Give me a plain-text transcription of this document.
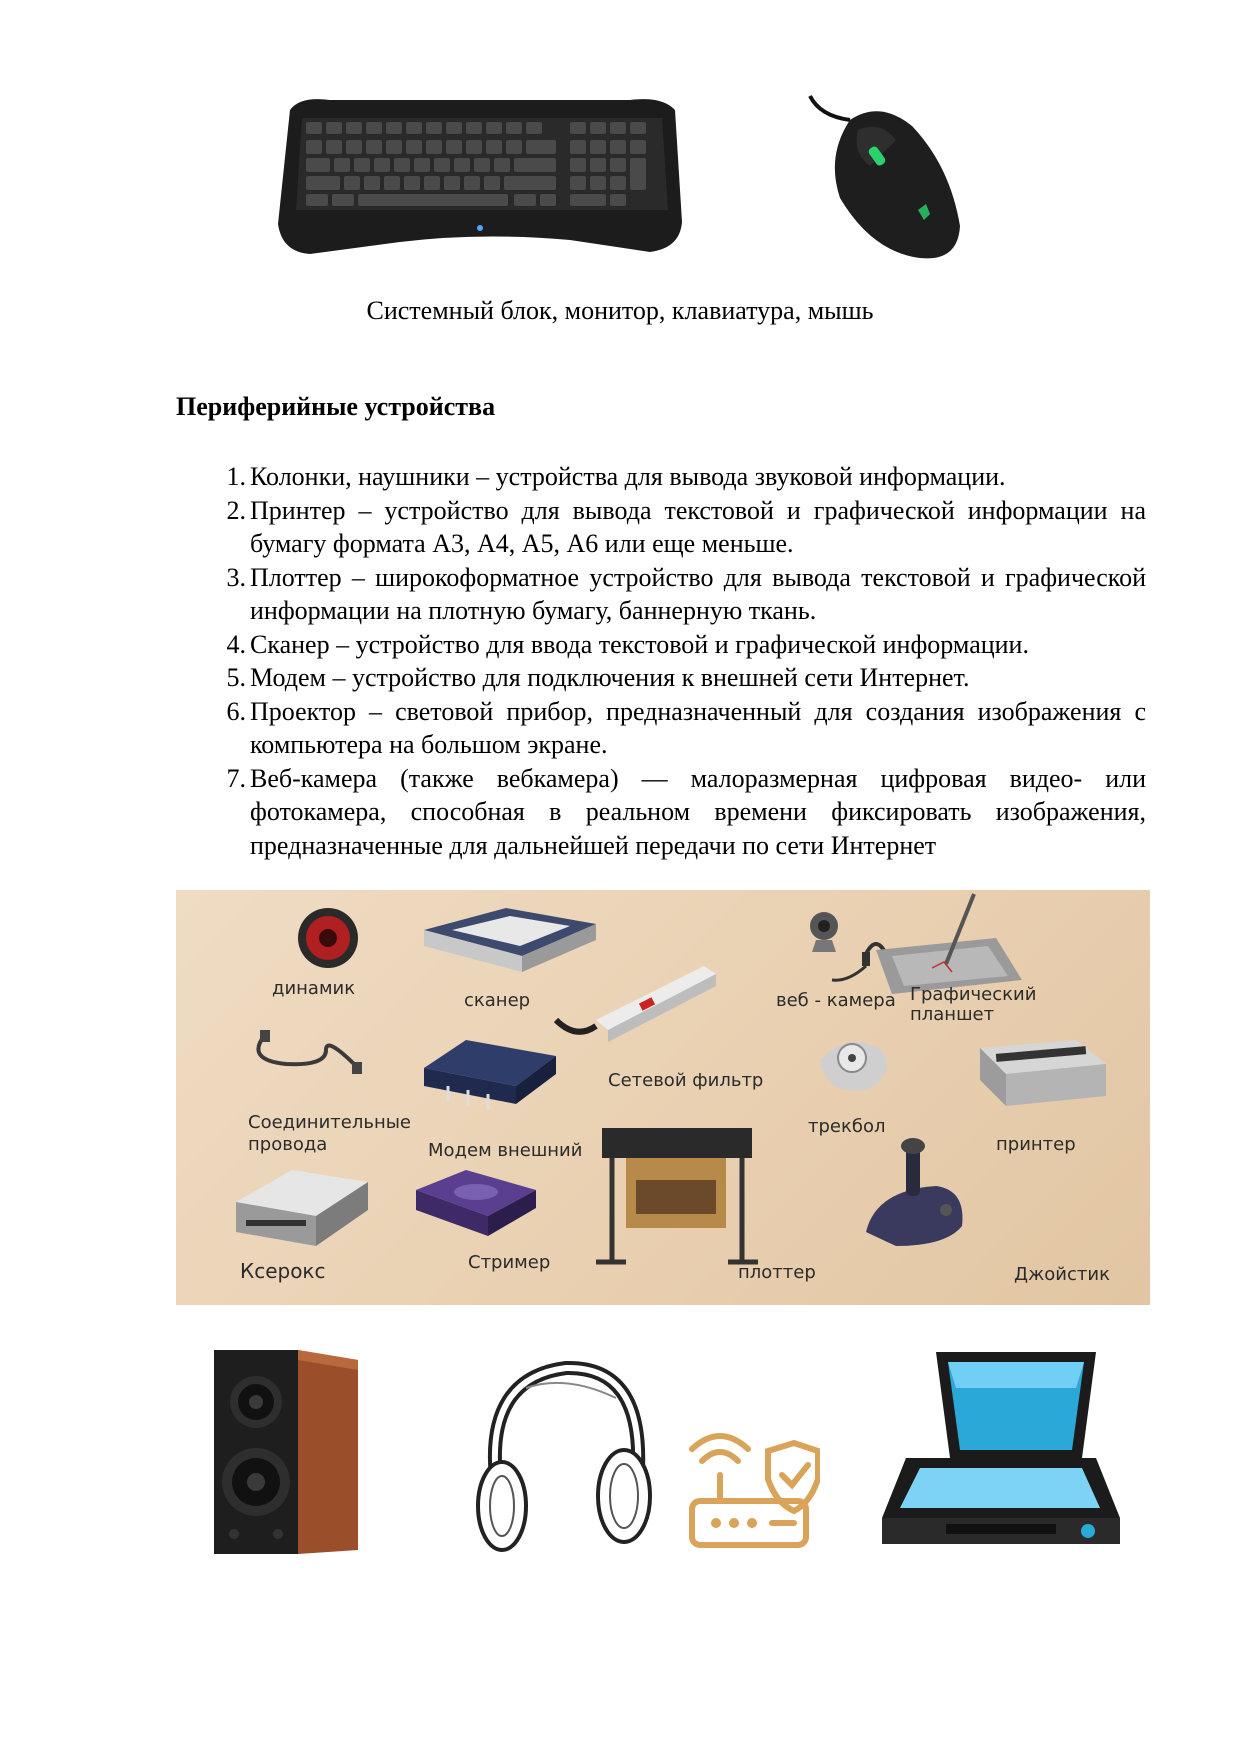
Системный блок, монитор, клавиатура, мышь
Периферийные устройства
1. Колонки, наушники – устройства для вывода звуковой информации.
2. Принтер – устройство для вывода текстовой и графической информации на бумагу формата А3, А4, А5, А6 или еще меньше.
3. Плоттер – широкоформатное устройство для вывода текстовой и графической информации на плотную бумагу, баннерную ткань.
4. Сканер – устройство для ввода текстовой и графической информации.
5. Модем – устройство для подключения к внешней сети Интернет.
6. Проектор – световой прибор, предназначенный для создания изображения с компьютера на большом экране.
7. Веб-камера (также вебкамера) — малоразмерная цифровая видео- или фотокамера, способная в реальном времени фиксировать изображения, предназначенные для дальнейшей передачи по сети Интернет
динамик
сканер	веб - камера Графический
планшет
Сетевой фильтр
Соединительные
провода	Модем внешний
трекбол
принтер
Ксерокс	Стример	плоттер	Джойстик
